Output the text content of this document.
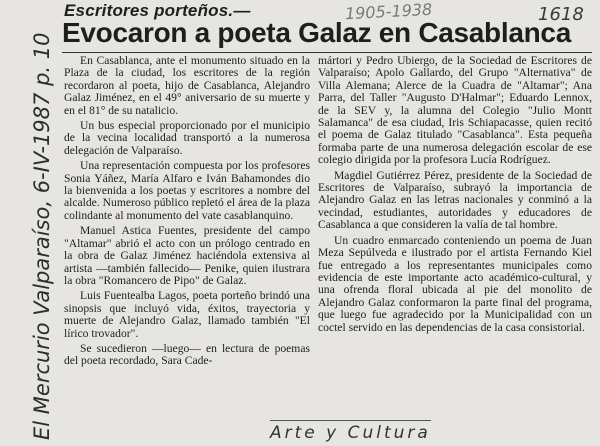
Escritores porteños.—
Evocaron a poeta Galaz en Casablanca
1905-1938	1618
El Mercurio Valparaíso, 6-IV-1987 p. 10	En Casablanca, ante el monumento situado en la Plaza de la ciudad, los escritores de la región recordaron al poeta, hijo de Casablanca, Alejandro Galaz Jiménez, en el 49° aniversario de su muerte y en el 81° de su natalicio.

Un bus especial proporcionado por el municipio de la vecina localidad transportó a la numerosa delegación de Valparaíso.

Una representación compuesta por los profesores Sonia Yáñez, María Alfaro e Iván Bahamondes dio la bienvenida a los poetas y escritores a nombre del alcalde. Numeroso público repletó el área de la plaza colindante al monumento del vate casablanquino.

Manuel Astica Fuentes, presidente del campo "Altamar" abrió el acto con un prólogo centrado en la obra de Galaz Jiménez haciéndola extensiva al artista —también fallecido— Penike, quien ilustrara la obra "Romancero de Pipo" de Galaz.

Luis Fuentealba Lagos, poeta porteño brindó una sinopsis que incluyó vida, éxitos, trayectoria y muerte de Alejandro Galaz, llamado también "El lírico trovador".

Se sucedieron —luego— en lectura de poemas del poeta recordado, Sara Cade-

mártori y Pedro Ubiergo, de la Sociedad de Escritores de Valparaíso; Apolo Gallardo, del Grupo "Alternativa" de Villa Alemana; Alerce de la Cuadra de "Altamar"; Ana Parra, del Taller "Augusto D'Halmar"; Eduardo Lennox, de la SEV y, la alumna del Colegio "Julio Montt Salamanca" de esa ciudad, Iris Schiapacasse, quien recitó el poema de Galaz titulado "Casablanca". Esta pequeña formaba parte de una numerosa delegación escolar de ese colegio dirigida por la profesora Lucía Rodríguez.

Magdiel Gutiérrez Pérez, presidente de la Sociedad de Escritores de Valparaíso, subrayó la importancia de Alejandro Galaz en las letras nacionales y conminó a la vecindad, estudiantes, autoridades y educadores de Casablanca a que consideren la valía de tal hombre.

Un cuadro enmarcado conteniendo un poema de Juan Meza Sepúlveda e ilustrado por el artista Fernando Kiel fue entregado a los representantes municipales como evidencia de este importante acto académico-cultural, y una ofrenda floral ubicada al pie del monolito de Alejandro Galaz conformaron la parte final del programa, que luego fue agradecido por la Municipalidad con un coctel servido en las dependencias de la casa consistorial.

Arte y Cultura
